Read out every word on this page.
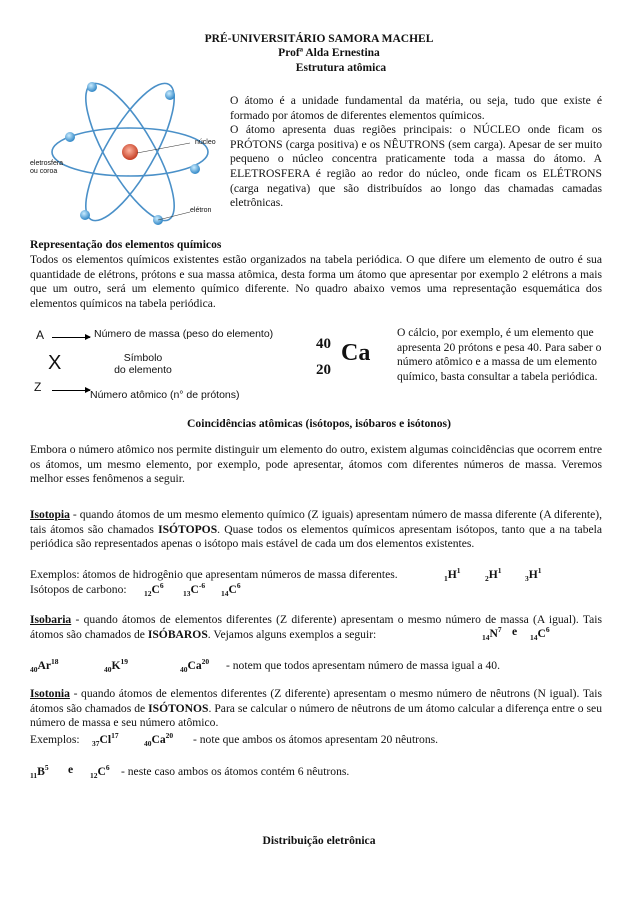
PRÉ-UNIVERSITÁRIO SAMORA MACHEL
Profª Alda Ernestina
Estrutura atômica
eletrosfera
ou coroa
núcleo
elétron
O átomo é a unidade fundamental da matéria, ou seja, tudo que existe é formado por átomos de diferentes elementos químicos.
O átomo apresenta duas regiões principais: o NÚCLEO onde ficam os PRÓTONS (carga positiva) e os NÊUTRONS (sem carga). Apesar de ser muito pequeno o núcleo concentra praticamente toda a massa do átomo. A ELETROSFERA é região ao redor do núcleo, onde ficam os ELÉTRONS (carga negativa) que são distribuídos ao longo das chamadas camadas eletrônicas.
Representação dos elementos químicos
Todos os elementos químicos existentes estão organizados na tabela periódica. O que difere um elemento de outro é sua quantidade de elétrons, prótons e sua massa atômica, desta forma um átomo que apresentar por exemplo 2 elétrons a mais que um outro, será um elemento químico diferente. No quadro abaixo vemos uma representação esquemática dos elementos químicos na tabela periódica.
A	Número de massa (peso do elemento)
X	Símbolo
do elemento
Z
Número atômico (n° de prótons)
40
20
Ca
O cálcio, por exemplo, é um elemento que apresenta 20 prótons e pesa 40. Para saber o número atômico e a massa de um elemento químico, basta consultar a tabela periódica.
Coincidências atômicas (isótopos, isóbaros e isótonos)
Embora o número atômico nos permite distinguir um elemento do outro, existem algumas coincidências que ocorrem entre os átomos, um mesmo elemento, por exemplo, pode apresentar, átomos com diferentes números de massa. Veremos melhor esses fenômenos a seguir.
Isotopia - quando átomos de um mesmo elemento químico (Z iguais) apresentam número de massa diferente (A diferente), tais átomos são chamados ISÓTOPOS. Quase todos os elementos químicos apresentam isótopos, tanto que a na tabela periódica são representados apenas o isótopo mais estável de cada um dos elementos existentes.
Exemplos: átomos de hidrogênio que apresentam números de massa diferentes.	$_1H^1$
$_2H^1$
$_3H^1$
Isótopos de carbono: $_{12}C^6$
$_{13}C^{-6}$
$_{14}C^6$
Isobaria - quando átomos de elementos diferentes (Z diferente) apresentam o mesmo número de massa (A igual). Tais átomos são chamados de ISÓBAROS. Vejamos alguns exemplos a seguir:	$_{14}N^7$ e $_{14}C^6$
$_{40}Ar^{18}$
$_{40}K^{19}$
$_{40}Ca^{20}$ - notem que todos apresentam número de massa igual a 40.
Isotonia - quando átomos de elementos diferentes (Z diferente) apresentam o mesmo número de nêutrons (N igual). Tais átomos são chamados de ISÓTONOS. Para se calcular o número de nêutrons de um átomo calcular a diferença entre o seu número de massa e seu número atômico.
Exemplos: $_{37}Cl^{17}$
$_{40}Ca^{20}$ - note que ambos os átomos apresentam 20 nêutrons.
$_{11}B^5$ e $_{12}C^6$ - neste caso ambos os átomos contém 6 nêutrons.
Distribuição eletrônica
